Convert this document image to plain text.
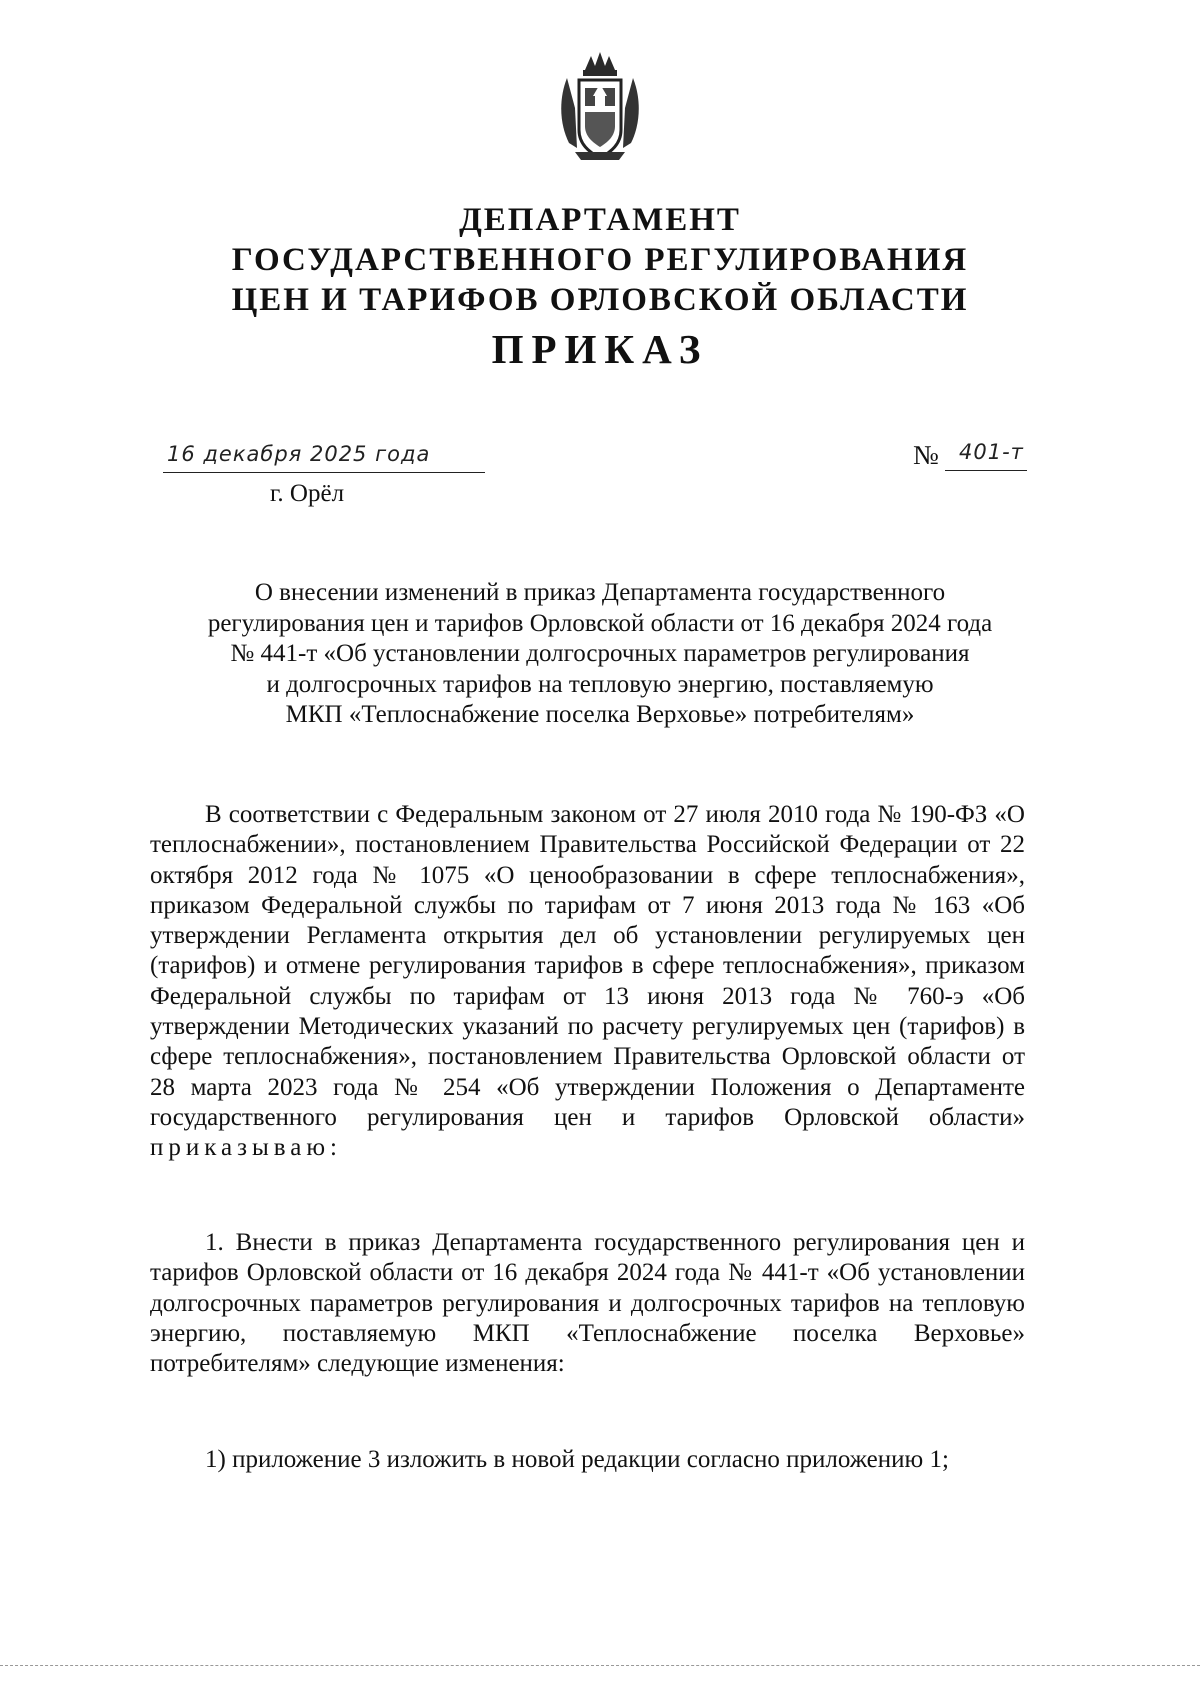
ДЕПАРТАМЕНТ
ГОСУДАРСТВЕННОГО РЕГУЛИРОВАНИЯ
ЦЕН И ТАРИФОВ ОРЛОВСКОЙ ОБЛАСТИ
ПРИКАЗ
16 декабря 2025 года	№ 401-т
г. Орёл
О внесении изменений в приказ Департамента государственного
регулирования цен и тарифов Орловской области от 16 декабря 2024 года
№ 441-т «Об установлении долгосрочных параметров регулирования
и долгосрочных тарифов на тепловую энергию, поставляемую
МКП «Теплоснабжение поселка Верховье» потребителям»
В соответствии с Федеральным законом от 27 июля 2010 года № 190-ФЗ «О теплоснабжении», постановлением Правительства Российской Федерации от 22 октября 2012 года № 1075 «О ценообразовании в сфере теплоснабжения», приказом Федеральной службы по тарифам от 7 июня 2013 года № 163 «Об утверждении Регламента открытия дел об установлении регулируемых цен (тарифов) и отмене регулирования тарифов в сфере теплоснабжения», приказом Федеральной службы по тарифам от 13 июня 2013 года № 760-э «Об утверждении Методических указаний по расчету регулируемых цен (тарифов) в сфере теплоснабжения», постановлением Правительства Орловской области от 28 марта 2023 года № 254 «Об утверждении Положения о Департаменте государственного регулирования цен и тарифов Орловской области» приказываю:
1. Внести в приказ Департамента государственного регулирования цен и тарифов Орловской области от 16 декабря 2024 года № 441-т «Об установлении долгосрочных параметров регулирования и долгосрочных тарифов на тепловую энергию, поставляемую МКП «Теплоснабжение поселка Верховье» потребителям» следующие изменения:
1) приложение 3 изложить в новой редакции согласно приложению 1;
